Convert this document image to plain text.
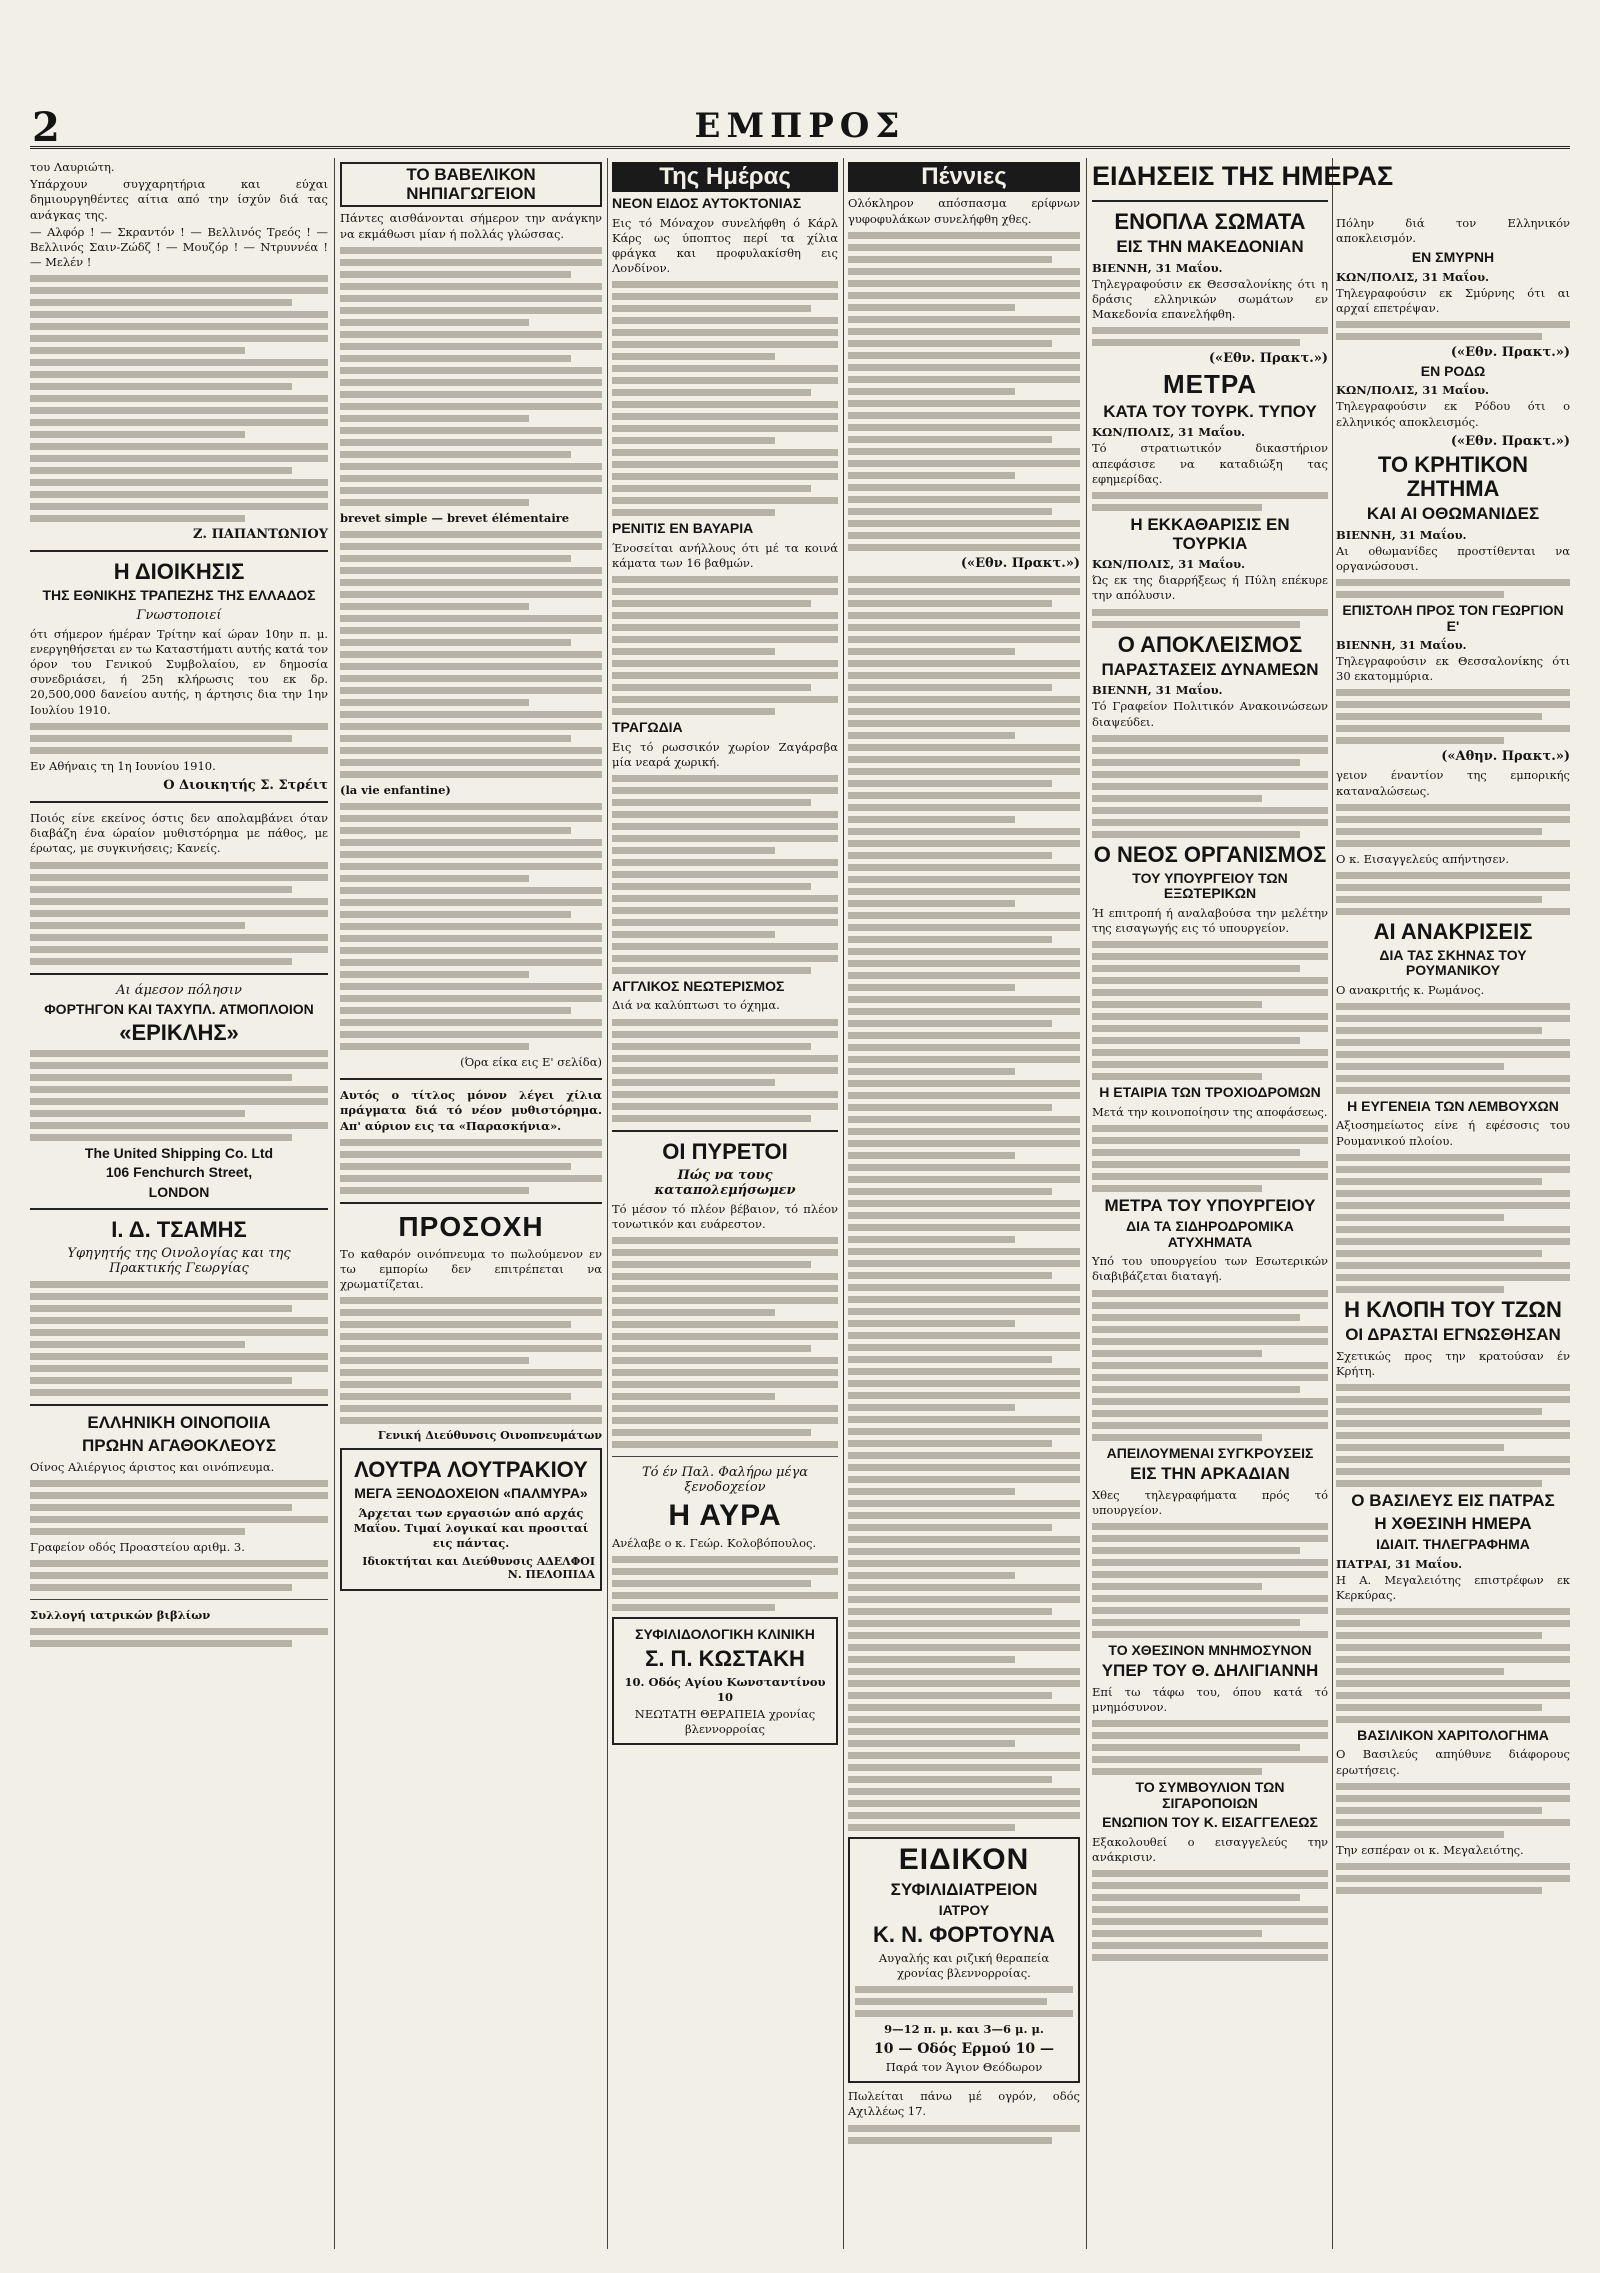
2	ΕΜΠΡΟΣ

του Λαυριώτη.

Υπάρχουν συγχαρητήρια και εύχαι δημιουργηθέντες αίτια από την ίσχύν διά τας ανάγκας της.

— Αλφόρ ! — Σκραντόν ! — Βελλινός Τρεός ! — Βελλινός Σαιν-Ζώδζ ! — Μουζόρ ! — Ντρυννέα ! — Μελέν !

Ζ. ΠΑΠΑΝΤΩΝΙΟΥ
Η ΔΙΟΙΚΗΣΙΣ
ΤΗΣ ΕΘΝΙΚΗΣ ΤΡΑΠΕΖΗΣ ΤΗΣ ΕΛΛΑΔΟΣ
Γνωστοποιεί

ότι σήμερον ήμέραν Τρίτην καί ώραν 10ην π. μ. ενεργηθήσεται εν τω Καταστήματι αυτής κατά τον όρον του Γενικού Συμβολαίου, εν δημοσία συνεδριάσει, ή 25η κλήρωσις του εκ δρ. 20,500,000 δανείου αυτής, η άρτησις δια την 1ην Ιουλίου 1910.

Εν Αθήναις τη 1η Ιουνίου 1910.

Ο Διοικητής Σ. Στρέιτ

Ποιός είνε εκείνος όστις δεν απολαμβάνει όταν διαβάζη ένα ώραίον μυθιστόρημα με πάθος, με έρωτας, με συγκινήσεις; Κανείς.

Αι άμεσον πόλησιν
ΦΟΡΤΗΓΟΝ ΚΑΙ ΤΑΧΥΠΛ. ΑΤΜΟΠΛΟΙΟΝ
«ΕΡΙΚΛΗΣ»
The United Shipping Co. Ltd
106 Fenchurch Street,
LONDON
Ι. Δ. ΤΣΑΜΗΣ
Υφηγητής της Οινολογίας και της Πρακτικής Γεωργίας
ΕΛΛΗΝΙΚΗ ΟΙΝΟΠΟΙΙΑ
ΠΡΩΗΝ ΑΓΑΘΟΚΛΕΟΥΣ

Οίνος Αλιέργιος άριστος και οινόπνευμα.

Γραφείον οδός Προαστείου αριθμ. 3.

Συλλογή ιατρικών βιβλίων

ΤΟ ΒΑΒΕΛΙΚΟΝ ΝΗΠΙΑΓΩΓΕΙΟΝ

Πάντες αισθάνονται σήμερον την ανάγκην να εκμάθωσι μίαν ή πολλάς γλώσσας.

brevet simple — brevet élémentaire

(la vie enfantine)

(Όρα είκα εις Ε' σελίδα)

Αυτός ο τίτλος μόνον λέγει χίλια πράγματα διά τό νέον μυθιστόρημα. Απ' αύριον εις τα «Παρασκήνια».

ΠΡΟΣΟΧΗ

Το καθαρόν οινόπνευμα το πωλούμενον εν τω εμπορίω δεν επιτρέπεται να χρωματίζεται.

Γενική Διεύθυνσις Οινοπνευμάτων
ΛΟΥΤΡΑ ΛΟΥΤΡΑΚΙΟΥ
ΜΕΓΑ ΞΕΝΟΔΟΧΕΙΟΝ «ΠΑΛΜΥΡΑ»

Άρχεται των εργασιών από αρχάς Μαΐου. Τιμαί λογικαί και προσιταί εις πάντας.

Ιδιοκτήται και Διεύθυνσις ΑΔΕΛΦΟΙ Ν. ΠΕΛΟΠΙΔΑ
Της Ημέρας
ΝΕΟΝ ΕΙΔΟΣ ΑΥΤΟΚΤΟΝΙΑΣ

Εις τό Μόναχον συνελήφθη ό Κάρλ Κάρς ως ύποπτος περί τα χίλια φράγκα και προφυλακίσθη εις Λονδίνον.

ΡΕΝΙΤΙΣ ΕΝ ΒΑΥΑΡΙΑ

Ένοσείται ανήλλους ότι μέ τα κοινά κάματα των 16 βαθμών.

ΤΡΑΓΩΔΙΑ

Εις τό ρωσσικόν χωρίον Ζαγάρσβα μία νεαρά χωρική.

ΑΓΓΛΙΚΟΣ ΝΕΩΤΕΡΙΣΜΟΣ

Διά να καλύπτωσι το όχημα.

ΟΙ ΠΥΡΕΤΟΙ
Πώς να τους καταπολεμήσωμεν

Τό μέσον τό πλέον βέβαιον, τό πλέον τονωτικόν και ευάρεστον.

Τό έν Παλ. Φαλήρω μέγα ξενοδοχείον
Η ΑΥΡΑ

Ανέλαβε ο κ. Γεώρ. Κολοβόπουλος.

ΣΥΦΙΛΙΔΟΛΟΓΙΚΗ ΚΛΙΝΙΚΗ
Σ. Π. ΚΩΣΤΑΚΗ

10. Οδός Αγίου Κωνσταντίνου 10

ΝΕΩΤΑΤΗ ΘΕΡΑΠΕΙΑ χρονίας βλεννορροίας

Πέννιες

Ολόκληρον απόσπασμα ερίφνων γυφοφυλάκων συνελήφθη χθες.

(«Εθν. Πρακτ.»)
ΕΙΔΙΚΟΝ
ΣΥΦΙΛΙΔΙΑΤΡΕΙΟΝ
ΙΑΤΡΟΥ
Κ. Ν. ΦΟΡΤΟΥΝΑ

Αυγαλής και ριζική θεραπεία χρονίας βλεννορροίας.

9—12 π. μ. και 3—6 μ. μ.

10 — Οδός Ερμού 10 —

Παρά τον Άγιον Θεόδωρον

Πωλείται πάνω μέ ογρόν, οδός Αχιλλέως 17.

ΕΙΔΗΣΕΙΣ ΤΗΣ ΗΜΕΡΑΣ
ΕΝΟΠΛΑ ΣΩΜΑΤΑ
ΕΙΣ ΤΗΝ ΜΑΚΕΔΟΝΙΑΝ
ΒΙΕΝΝΗ, 31 Μαΐου.

Τηλεγραφούσιν εκ Θεσσαλονίκης ότι η δράσις ελληνικών σωμάτων εν Μακεδονία επανελήφθη.

(«Εθν. Πρακτ.»)
ΜΕΤΡΑ
ΚΑΤΑ ΤΟΥ ΤΟΥΡΚ. ΤΥΠΟΥ
ΚΩΝ/ΠΟΛΙΣ, 31 Μαΐου.

Τό στρατιωτικόν δικαστήριον απεφάσισε να καταδιώξη τας εφημερίδας.

Η ΕΚΚΑΘΑΡΙΣΙΣ ΕΝ ΤΟΥΡΚΙΑ
ΚΩΝ/ΠΟΛΙΣ, 31 Μαΐου.

Ώς εκ της διαρρήξεως ή Πύλη επέκυρε την απόλυσιν.

Ο ΑΠΟΚΛΕΙΣΜΟΣ
ΠΑΡΑΣΤΑΣΕΙΣ ΔΥΝΑΜΕΩΝ
ΒΙΕΝΝΗ, 31 Μαΐου.

Τό Γραφείον Πολιτικόν Ανακοινώσεων διαψεύδει.

Ο ΝΕΟΣ ΟΡΓΑΝΙΣΜΟΣ
ΤΟΥ ΥΠΟΥΡΓΕΙΟΥ ΤΩΝ ΕΞΩΤΕΡΙΚΩΝ

Ή επιτροπή ή αναλαβούσα την μελέτην της εισαγωγής εις τό υπουργείον.

Η ΕΤΑΙΡΙΑ ΤΩΝ ΤΡΟΧΙΟΔΡΟΜΩΝ

Μετά την κοινοποίησιν της αποφάσεως.

ΜΕΤΡΑ ΤΟΥ ΥΠΟΥΡΓΕΙΟΥ
ΔΙΑ ΤΑ ΣΙΔΗΡΟΔΡΟΜΙΚΑ ΑΤΥΧΗΜΑΤΑ

Υπό του υπουργείου των Εσωτερικών διαβιβάζεται διαταγή.

ΑΠΕΙΛΟΥΜΕΝΑΙ ΣΥΓΚΡΟΥΣΕΙΣ
ΕΙΣ ΤΗΝ ΑΡΚΑΔΙΑΝ

Χθες τηλεγραφήματα πρός τό υπουργείον.

ΤΟ ΧΘΕΣΙΝΟΝ ΜΝΗΜΟΣΥΝΟΝ
ΥΠΕΡ ΤΟΥ Θ. ΔΗΛΙΓΙΑΝΝΗ

Επί τω τάφω του, όπου κατά τό μνημόσυνον.

ΤΟ ΣΥΜΒΟΥΛΙΟΝ ΤΩΝ ΣΙΓΑΡΟΠΟΙΩΝ
ΕΝΩΠΙΟΝ ΤΟΥ Κ. ΕΙΣΑΓΓΕΛΕΩΣ

Εξακολουθεί ο εισαγγελεύς την ανάκρισιν.

Πόλην διά τον Ελληνικόν αποκλεισμόν.

ΕΝ ΣΜΥΡΝΗ
ΚΩΝ/ΠΟΛΙΣ, 31 Μαΐου.

Τηλεγραφούσιν εκ Σμύρνης ότι αι αρχαί επετρέψαν.

(«Εθν. Πρακτ.»)
ΕΝ ΡΟΔΩ
ΚΩΝ/ΠΟΛΙΣ, 31 Μαΐου.

Τηλεγραφούσιν εκ Ρόδου ότι ο ελληνικός αποκλεισμός.

(«Εθν. Πρακτ.»)
ΤΟ ΚΡΗΤΙΚΟΝ ΖΗΤΗΜΑ
ΚΑΙ ΑΙ ΟΘΩΜΑΝΙΔΕΣ
ΒΙΕΝΝΗ, 31 Μαΐου.

Αι οθωμανίδες προστίθενται να οργανώσουσι.

ΕΠΙΣΤΟΛΗ ΠΡΟΣ ΤΟΝ ΓΕΩΡΓΙΟΝ Ε'
ΒΙΕΝΝΗ, 31 Μαΐου.

Τηλεγραφούσιν εκ Θεσσαλονίκης ότι 30 εκατομμύρια.

(«Αθην. Πρακτ.»)

γειον έναντίον της εμπορικής καταναλώσεως.

Ο κ. Εισαγγελεύς απήντησεν.

ΑΙ ΑΝΑΚΡΙΣΕΙΣ
ΔΙΑ ΤΑΣ ΣΚΗΝΑΣ ΤΟΥ ΡΟΥΜΑΝΙΚΟΥ

Ο ανακριτής κ. Ρωμάνος.

Η ΕΥΓΕΝΕΙΑ ΤΩΝ ΛΕΜΒΟΥΧΩΝ

Αξιοσημείωτος είνε ή εφέσοσις του Ρουμανικού πλοίου.

Η ΚΛΟΠΗ ΤΟΥ ΤΖΩΝ
ΟΙ ΔΡΑΣΤΑΙ ΕΓΝΩΣΘΗΣΑΝ

Σχετικώς προς την κρατούσαν έν Κρήτη.

Ο ΒΑΣΙΛΕΥΣ ΕΙΣ ΠΑΤΡΑΣ
Η ΧΘΕΣΙΝΗ ΗΜΕΡΑ
ΙΔΙΑΙΤ. ΤΗΛΕΓΡΑΦΗΜΑ
ΠΑΤΡΑΙ, 31 Μαΐου.

Η Α. Μεγαλειότης επιστρέφων εκ Κερκύρας.

ΒΑΣΙΛΙΚΟΝ ΧΑΡΙΤΟΛΟΓΗΜΑ

Ο Βασιλεύς απηύθυνε διάφορους ερωτήσεις.

Την εσπέραν οι κ. Μεγαλειότης.
